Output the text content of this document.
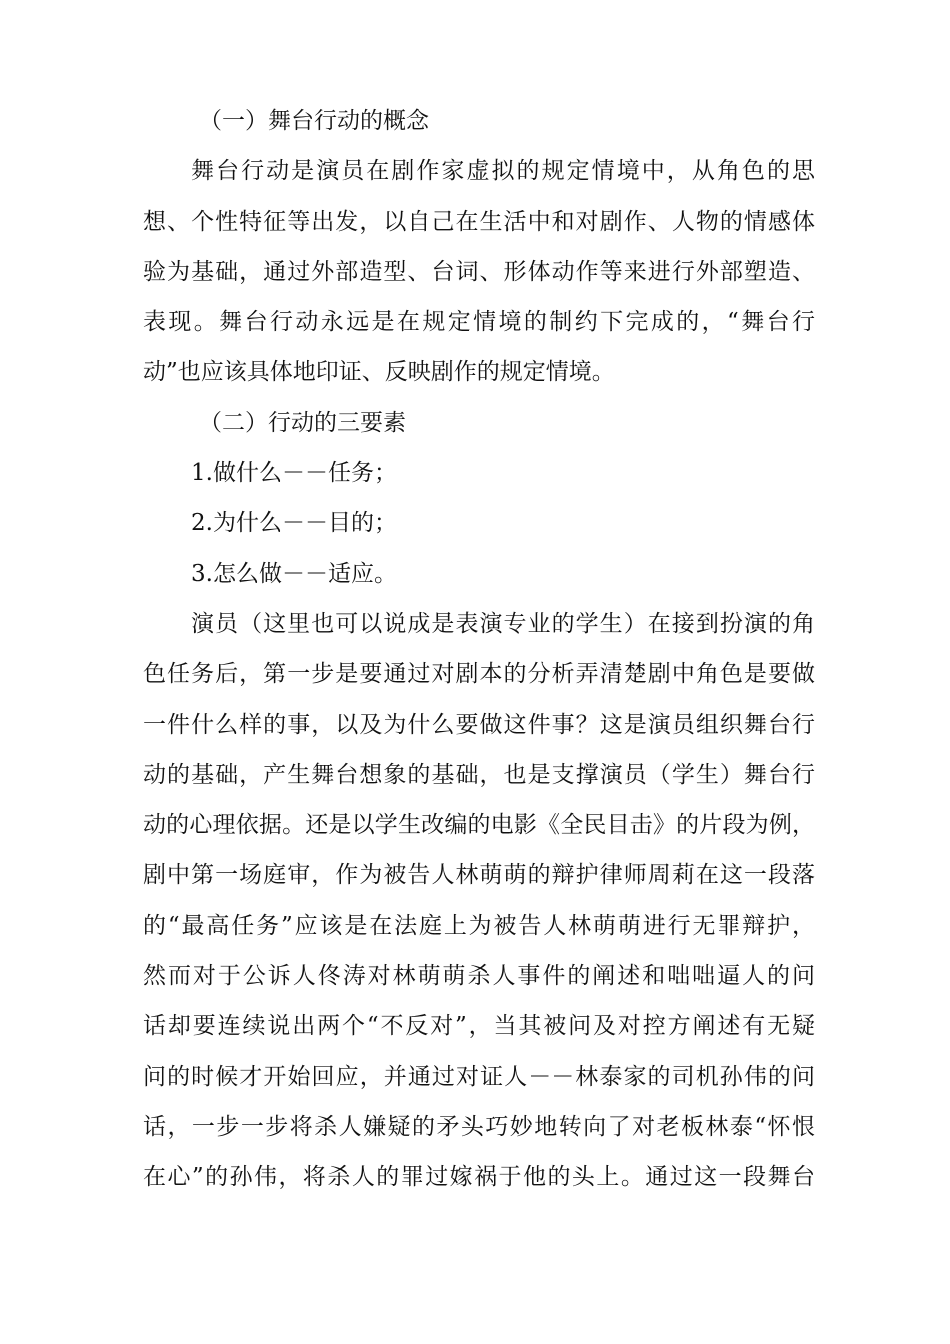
（一）舞台行动的概念
舞台行动是演员在剧作家虚拟的规定情境中，从角色的思
想、个性特征等出发，以自己在生活中和对剧作、人物的情感体
验为基础，通过外部造型、台词、形体动作等来进行外部塑造、
表现。舞台行动永远是在规定情境的制约下完成的，“舞台行
动”也应该具体地印证、反映剧作的规定情境。
（二）行动的三要素
1.做什么－－任务；
2.为什么－－目的；
3.怎么做－－适应。
演员（这里也可以说成是表演专业的学生）在接到扮演的角
色任务后，第一步是要通过对剧本的分析弄清楚剧中角色是要做
一件什么样的事，以及为什么要做这件事？这是演员组织舞台行
动的基础，产生舞台想象的基础，也是支撑演员（学生）舞台行
动的心理依据。还是以学生改编的电影《全民目击》的片段为例，
剧中第一场庭审，作为被告人林萌萌的辩护律师周莉在这一段落
的“最高任务”应该是在法庭上为被告人林萌萌进行无罪辩护，
然而对于公诉人佟涛对林萌萌杀人事件的阐述和咄咄逼人的问
话却要连续说出两个“不反对”，当其被问及对控方阐述有无疑
问的时候才开始回应，并通过对证人－－林泰家的司机孙伟的问
话，一步一步将杀人嫌疑的矛头巧妙地转向了对老板林泰“怀恨
在心”的孙伟，将杀人的罪过嫁祸于他的头上。通过这一段舞台
